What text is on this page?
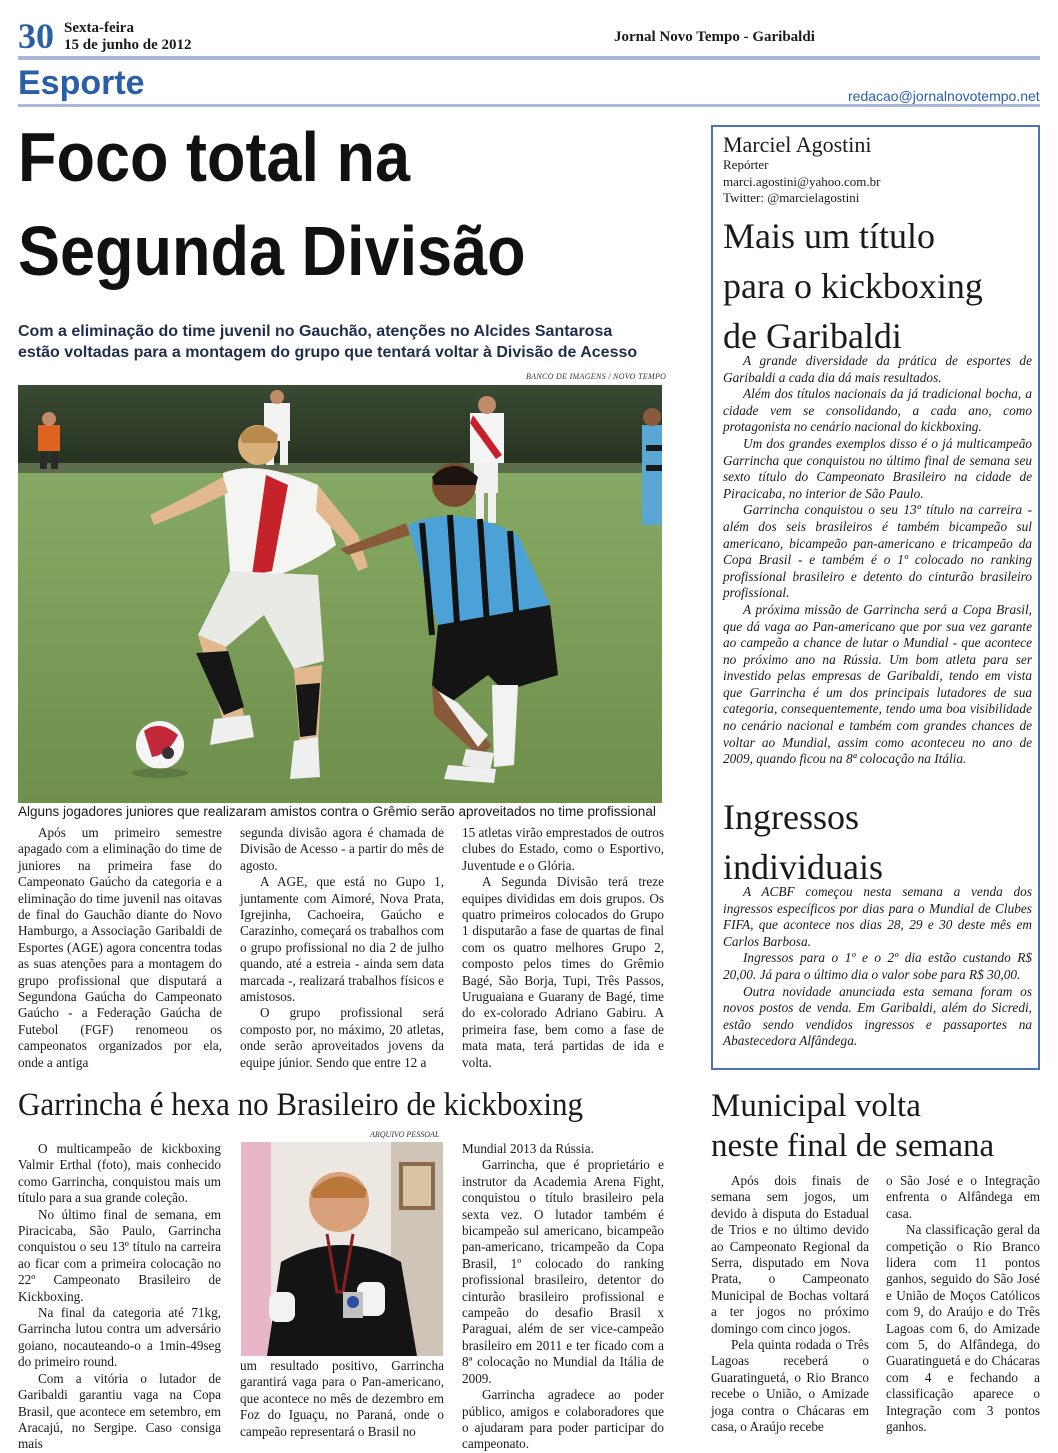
30 Sexta-feira
15 de junho de 2012	Jornal Novo Tempo - Garibaldi
Esporte	redacao@jornalnovotempo.net
Foco total na
Segunda Divisão
Com a eliminação do time juvenil no Gauchão, atenções no Alcides Santarosa
estão voltadas para a montagem do grupo que tentará voltar à Divisão de Acesso
BANCO DE IMAGENS / NOVO TEMPO
Alguns jogadores juniores que realizaram amistos contra o Grêmio serão aproveitados no time profissional

Após um primeiro semestre apagado com a eliminação do time de juniores na primeira fase do Campeonato Gaúcho da categoria e a eliminação do time juvenil nas oitavas de final do Gauchão diante do Novo Hamburgo, a Associação Garibaldi de Esportes (AGE) agora concentra todas as suas atenções para a montagem do grupo profissional que disputará a Segundona Gaúcha do Campeonato Gaúcho - a Federação Gaúcha de Futebol (FGF) renomeou os campeonatos organizados por ela, onde a antiga

segunda divisão agora é chamada de Divisão de Acesso - a partir do mês de agosto.

A AGE, que está no Gupo 1, juntamente com Aimoré, Nova Prata, Igrejinha, Cachoeira, Gaúcho e Carazinho, começará os trabalhos com o grupo profissional no dia 2 de julho quando, até a estreia - ainda sem data marcada -, realizará trabalhos físicos e amistosos.

O grupo profissional será composto por, no máximo, 20 atletas, onde serão aproveitados jovens da equipe júnior. Sendo que entre 12 a

15 atletas virão emprestados de outros clubes do Estado, como o Esportivo, Juventude e o Glória.

A Segunda Divisão terá treze equipes divididas em dois grupos. Os quatro primeiros colocados do Grupo 1 disputarão a fase de quartas de final com os quatro melhores Grupo 2, composto pelos times do Grêmio Bagé, São Borja, Tupi, Três Passos, Uruguaiana e Guarany de Bagé, time do ex-colorado Adriano Gabiru. A primeira fase, bem como a fase de mata mata, terá partidas de ida e volta.

Marciel Agostini
Repórter
marci.agostini@yahoo.com.br
Twitter: @marcielagostini
Mais um título
para o kickboxing
de Garibaldi

A grande diversidade da prática de esportes de Garibaldi a cada dia dá mais resultados.

Além dos títulos nacionais da já tradicional bocha, a cidade vem se consolidando, a cada ano, como protagonista no cenário nacional do kickboxing.

Um dos grandes exemplos disso é o já multicampeão Garrincha que conquistou no último final de semana seu sexto título do Campeonato Brasileiro na cidade de Piracicaba, no interior de São Paulo.

Garrincha conquistou o seu 13º título na carreira - além dos seis brasileiros é também bicampeão sul americano, bicampeão pan-americano e tricampeão da Copa Brasil - e também é o 1º colocado no ranking profissional brasileiro e detento do cinturão brasileiro profissional.

A próxima missão de Garrincha será a Copa Brasil, que dá vaga ao Pan-americano que por sua vez garante ao campeão a chance de lutar o Mundial - que acontece no próximo ano na Rússia. Um bom atleta para ser investido pelas empresas de Garibaldi, tendo em vista que Garrincha é um dos principais lutadores de sua categoria, consequentemente, tendo uma boa visibilidade no cenário nacional e também com grandes chances de voltar ao Mundial, assim como aconteceu no ano de 2009, quando ficou na 8ª colocação na Itália.

Ingressos
individuais

A ACBF começou nesta semana a venda dos ingressos específicos por dias para o Mundial de Clubes FIFA, que acontece nos dias 28, 29 e 30 deste mês em Carlos Barbosa.

Ingressos para o 1º e o 2º dia estão custando R$ 20,00. Já para o último dia o valor sobe para R$ 30,00.

Outra novidade anunciada esta semana foram os novos postos de venda. Em Garibaldi, além do Sicredi, estão sendo vendidos ingressos e passaportes na Abastecedora Alfândega.

Garrincha é hexa no Brasileiro de kickboxing
ARQUIVO PESSOAL

O multicampeão de kickboxing Valmir Erthal (foto), mais conhecido como Garrincha, conquistou mais um título para a sua grande coleção.

No último final de semana, em Piracicaba, São Paulo, Garrincha conquistou o seu 13º título na carreira ao ficar com a primeira colocação no 22º Campeonato Brasileiro de Kickboxing.

Na final da categoria até 71kg, Garrincha lutou contra um adversário goiano, nocauteando-o a 1min-49seg do primeiro round.

Com a vitória o lutador de Garibaldi garantiu vaga na Copa Brasil, que acontece em setembro, em Aracajú, no Sergipe. Caso consiga mais

um resultado positivo, Garrincha garantirá vaga para o Pan-americano, que acontece no mês de dezembro em Foz do Iguaçu, no Paraná, onde o campeão representará o Brasil no

Mundial 2013 da Rússia.

Garrincha, que é proprietário e instrutor da Academia Arena Fight, conquistou o título brasileiro pela sexta vez. O lutador também é bicampeão sul americano, bicampeão pan-americano, tricampeão da Copa Brasil, 1º colocado do ranking profissional brasileiro, detentor do cinturão brasileiro profissional e campeão do desafio Brasil x Paraguai, além de ser vice-campeão brasileiro em 2011 e ter ficado com a 8ª colocação no Mundial da Itália de 2009.

Garrincha agradece ao poder público, amigos e colaboradores que o ajudaram para poder participar do campeonato.

Municipal volta
neste final de semana

Após dois finais de semana sem jogos, um devido à disputa do Estadual de Trios e no último devido ao Campeonato Regional da Serra, disputado em Nova Prata, o Campeonato Municipal de Bochas voltará a ter jogos no próximo domingo com cinco jogos.

Pela quinta rodada o Três Lagoas receberá o Guaratinguetá, o Rio Branco recebe o União, o Amizade joga contra o Chácaras em casa, o Araújo recebe

o São José e o Integração enfrenta o Alfândega em casa.

Na classificação geral da competição o Rio Branco lidera com 11 pontos ganhos, seguido do São José e União de Moços Católicos com 9, do Araújo e do Três Lagoas com 6, do Amizade com 5, do Alfândega, do Guaratinguetá e do Chácaras com 4 e fechando a classificação aparece o Integração com 3 pontos ganhos.
